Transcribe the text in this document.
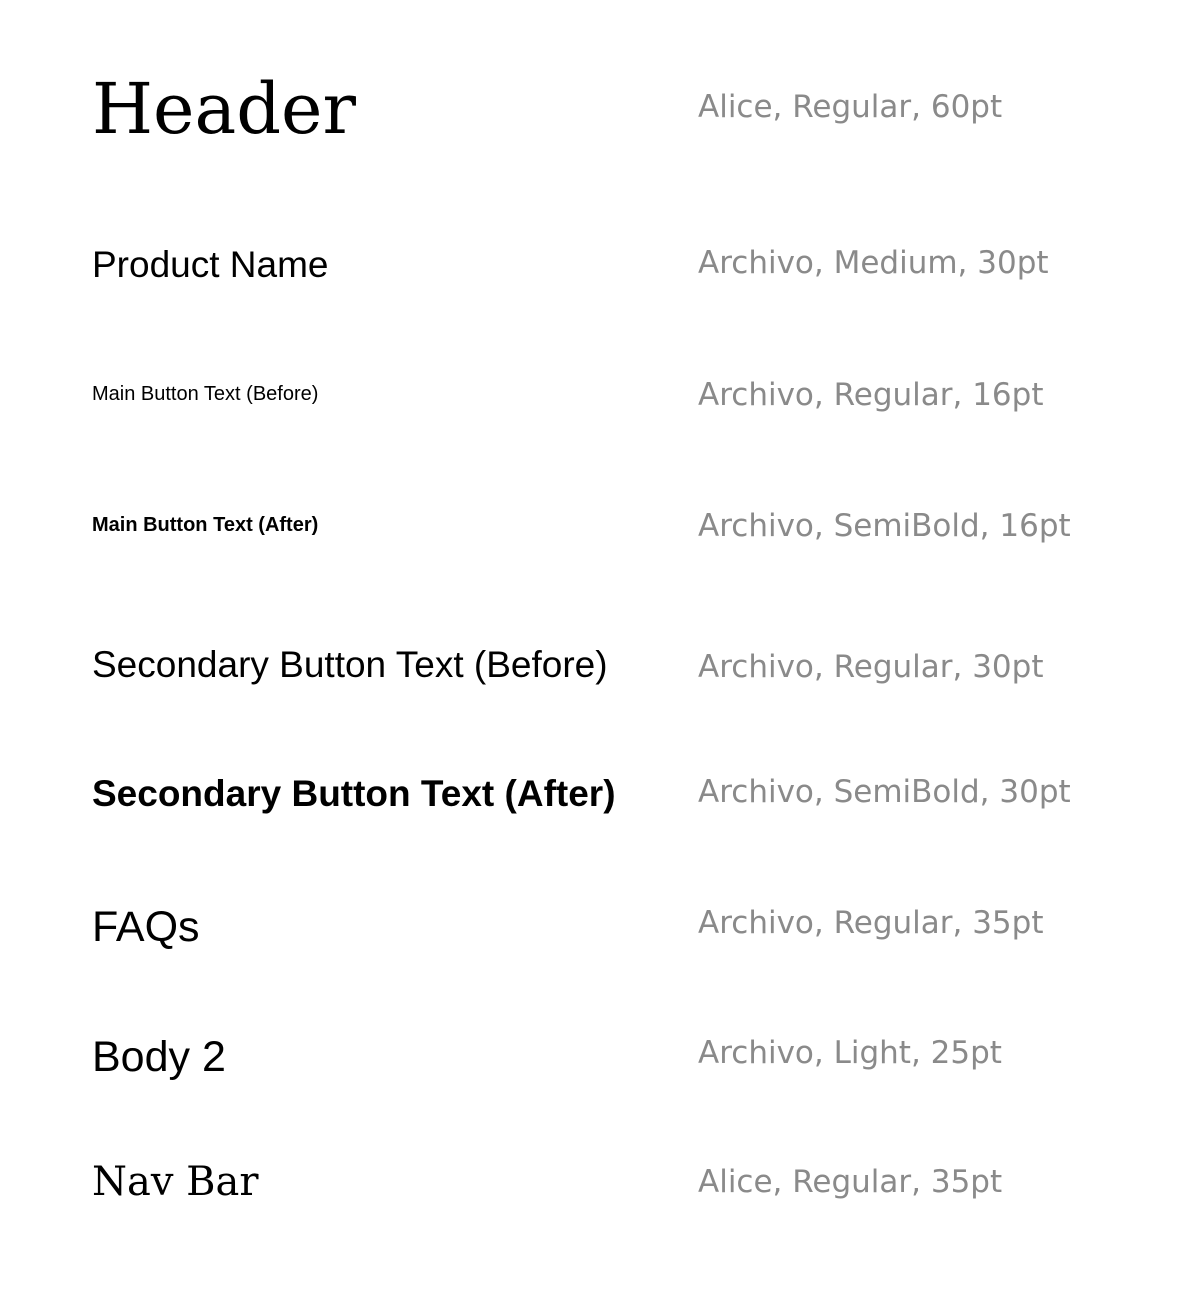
Header	Alice, Regular, 60pt
Product Name	Archivo, Medium, 30pt
Main Button Text (Before)	Archivo, Regular, 16pt
Main Button Text (After)	Archivo, SemiBold, 16pt
Secondary Button Text (Before)	Archivo, Regular, 30pt
Secondary Button Text (After)	Archivo, SemiBold, 30pt
FAQs	Archivo, Regular, 35pt
Body 2	Archivo, Light, 25pt
Nav Bar	Alice, Regular, 35pt
